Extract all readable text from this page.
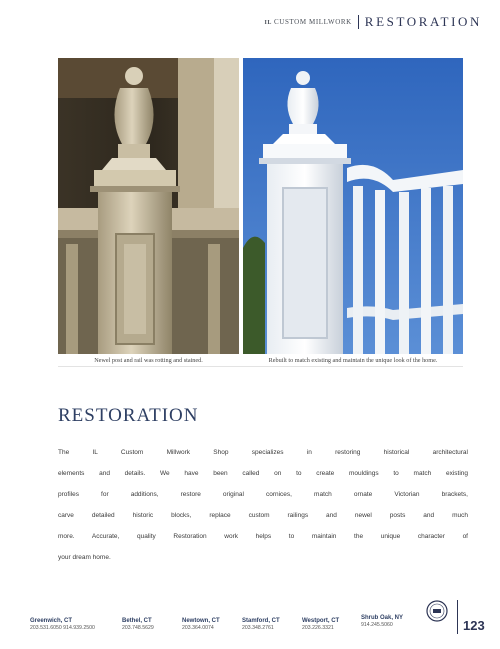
IL CUSTOM MILLWORK RESTORATION
Newel post and rail was rotting and stained.	Rebuilt to match existing and maintain the unique look of the home.
RESTORATION
The IL Custom Millwork Shop specializes in restoring historical architectural
elements and details. We have been called on to create mouldings to match existing
profiles for additions, restore original cornices, match ornate Victorian brackets,
carve detailed historic blocks, replace custom railings and newel posts and much
more. Accurate, quality Restoration work helps to maintain the unique character of
your dream home.
Greenwich, CT
203.531.6050 914.939.2500
Bethel, CT
203.748.5629
Newtown, CT
203.364.0074
Stamford, CT
203.348.2761
Westport, CT
203.226.3321
Shrub Oak, NY
914.245.5060	123
